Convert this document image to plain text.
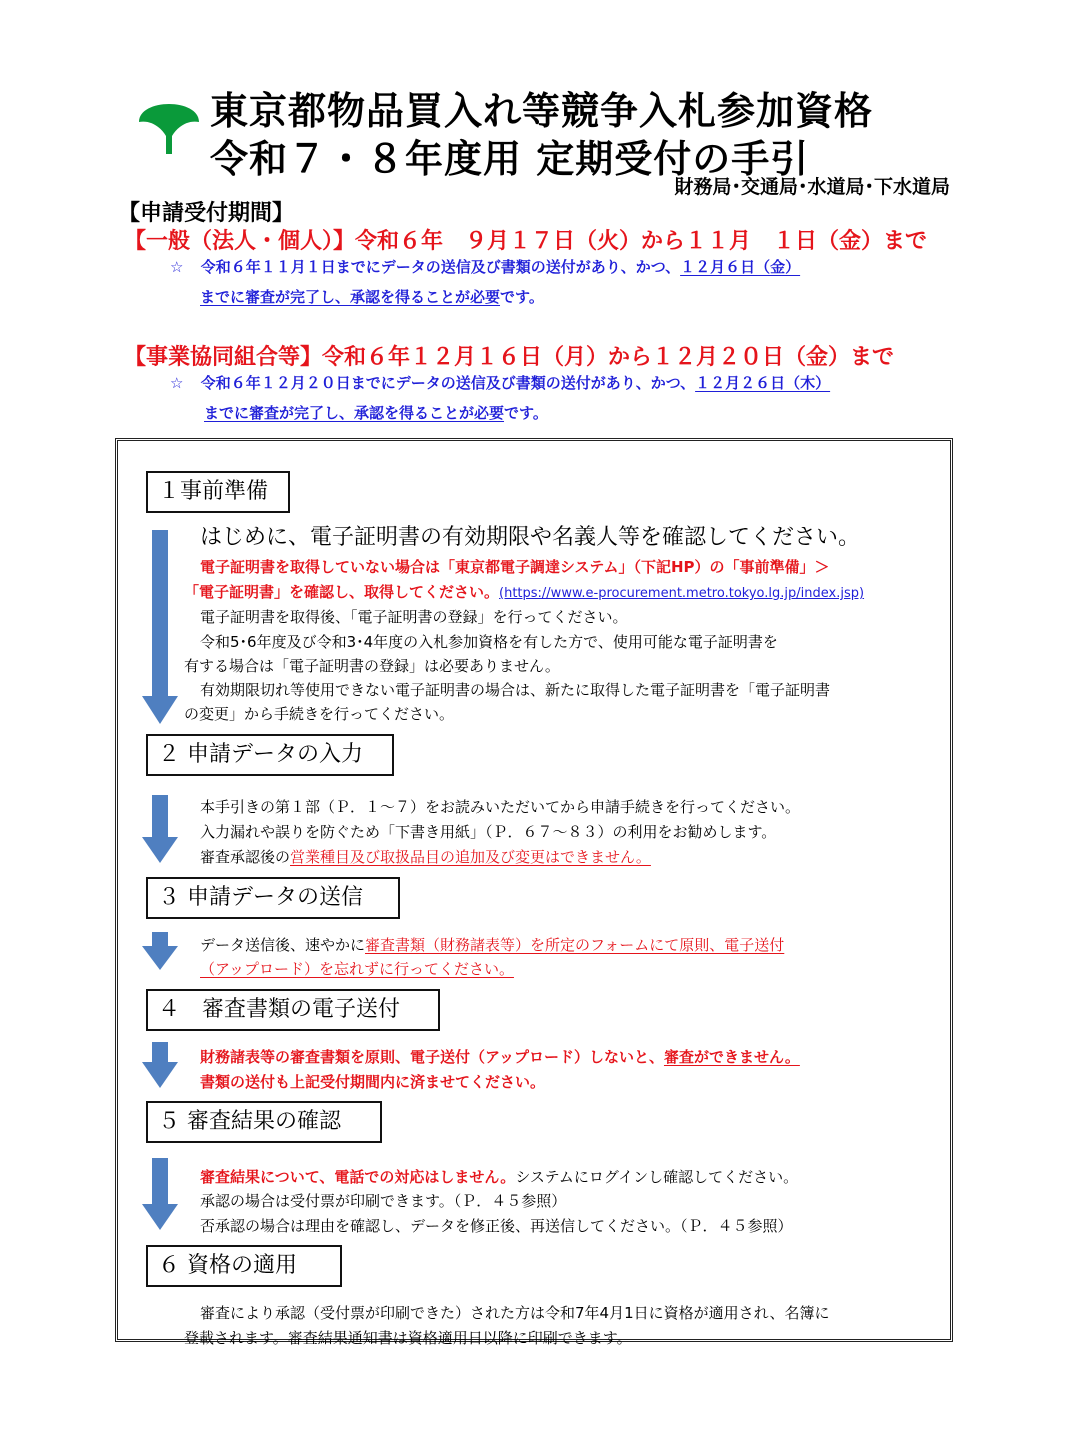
東京都物品買入れ等競争入札参加資格
令和７・８年度用 定期受付の手引
財務局･交通局･水道局･下水道局
【申請受付期間】
【一般（法人・個人）】令和６年　９月１７日（火）から１１月　１日（金）まで
☆ 令和６年１１月１日までにデータの送信及び書類の送付があり、かつ、１２月６日（金）
までに審査が完了し、承認を得ることが必要です。
【事業協同組合等】令和６年１２月１６日（月）から１２月２０日（金）まで
☆ 令和６年１２月２０日までにデータの送信及び書類の送付があり、かつ、１２月２６日（木）
までに審査が完了し、承認を得ることが必要です。
１事前準備
はじめに、電子証明書の有効期限や名義人等を確認してください。
電子証明書を取得していない場合は「東京都電子調達システム」（下記HP）の「事前準備」＞
「電子証明書」を確認し、取得してください。(https://www.e-procurement.metro.tokyo.lg.jp/index.jsp)
電子証明書を取得後、「電子証明書の登録」を行ってください。
令和5･6年度及び令和3･4年度の入札参加資格を有した方で、使用可能な電子証明書を
有する場合は「電子証明書の登録」は必要ありません。
有効期限切れ等使用できない電子証明書の場合は、新たに取得した電子証明書を「電子証明書
の変更」から手続きを行ってください。
２ 申請データの入力
本手引きの第１部（Ｐ．１～７）をお読みいただいてから申請手続きを行ってください。
入力漏れや誤りを防ぐため「下書き用紙」（Ｐ．６７～８３）の利用をお勧めします。
審査承認後の営業種目及び取扱品目の追加及び変更はできません。
３ 申請データの送信
データ送信後、速やかに審査書類（財務諸表等）を所定のフォームにて原則、電子送付
（アップロード）を忘れずに行ってください。
４　審査書類の電子送付
財務諸表等の審査書類を原則、電子送付（アップロード）しないと、審査ができません。
書類の送付も上記受付期間内に済ませてください。
５ 審査結果の確認
審査結果について、電話での対応はしません。システムにログインし確認してください。
承認の場合は受付票が印刷できます。（Ｐ．４５参照）
否承認の場合は理由を確認し、データを修正後、再送信してください。（Ｐ．４５参照）
６ 資格の適用
審査により承認（受付票が印刷できた）された方は令和7年4月1日に資格が適用され、名簿に
登載されます。審査結果通知書は資格適用日以降に印刷できます。
